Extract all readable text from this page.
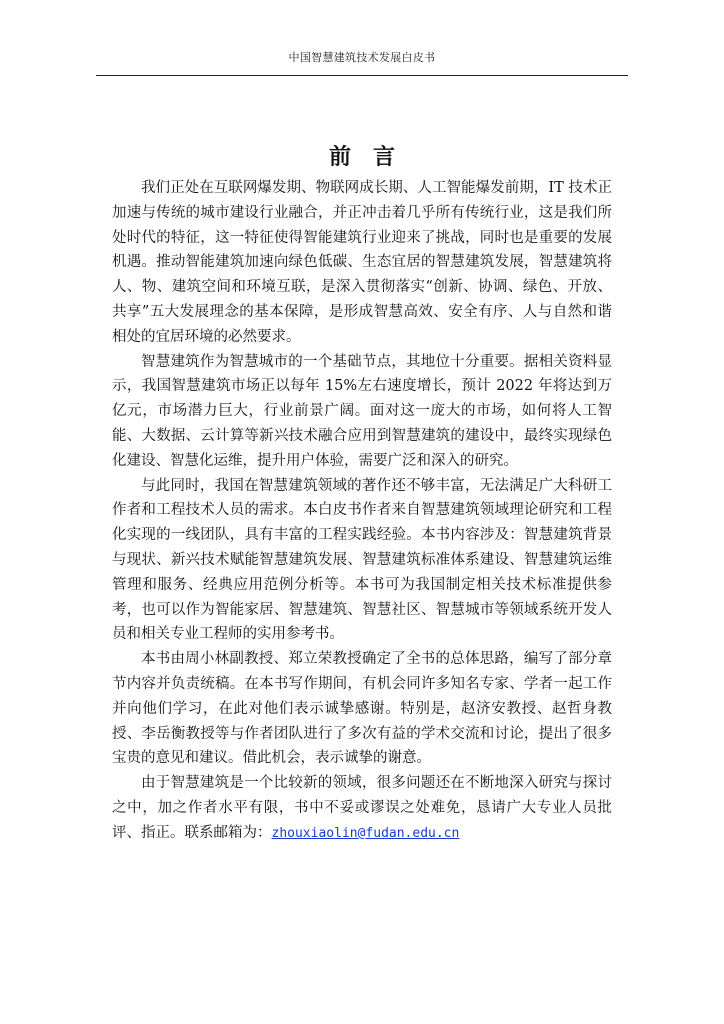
中国智慧建筑技术发展白皮书
前言

我们正处在互联网爆发期、物联网成长期、人工智能爆发前期，IT 技术正加速与传统的城市建设行业融合，并正冲击着几乎所有传统行业，这是我们所处时代的特征，这一特征使得智能建筑行业迎来了挑战，同时也是重要的发展机遇。推动智能建筑加速向绿色低碳、生态宜居的智慧建筑发展，智慧建筑将人、物、建筑空间和环境互联，是深入贯彻落实“创新、协调、绿色、开放、共享”五大发展理念的基本保障，是形成智慧高效、安全有序、人与自然和谐相处的宜居环境的必然要求。

智慧建筑作为智慧城市的一个基础节点，其地位十分重要。据相关资料显示，我国智慧建筑市场正以每年 15%左右速度增长，预计 2022 年将达到万亿元，市场潜力巨大，行业前景广阔。面对这一庞大的市场，如何将人工智能、大数据、云计算等新兴技术融合应用到智慧建筑的建设中，最终实现绿色化建设、智慧化运维，提升用户体验，需要广泛和深入的研究。

与此同时，我国在智慧建筑领域的著作还不够丰富，无法满足广大科研工作者和工程技术人员的需求。本白皮书作者来自智慧建筑领域理论研究和工程化实现的一线团队，具有丰富的工程实践经验。本书内容涉及：智慧建筑背景与现状、新兴技术赋能智慧建筑发展、智慧建筑标准体系建设、智慧建筑运维管理和服务、经典应用范例分析等。本书可为我国制定相关技术标准提供参考，也可以作为智能家居、智慧建筑、智慧社区、智慧城市等领域系统开发人员和相关专业工程师的实用参考书。

本书由周小林副教授、郑立荣教授确定了全书的总体思路，编写了部分章节内容并负责统稿。在本书写作期间，有机会同许多知名专家、学者一起工作并向他们学习，在此对他们表示诚挚感谢。特别是，赵济安教授、赵哲身教授、李岳衡教授等与作者团队进行了多次有益的学术交流和讨论，提出了很多宝贵的意见和建议。借此机会，表示诚挚的谢意。

由于智慧建筑是一个比较新的领域，很多问题还在不断地深入研究与探讨之中，加之作者水平有限，书中不妥或谬误之处难免，恳请广大专业人员批评、指正。联系邮箱为：zhouxiaolin@fudan.edu.cn
